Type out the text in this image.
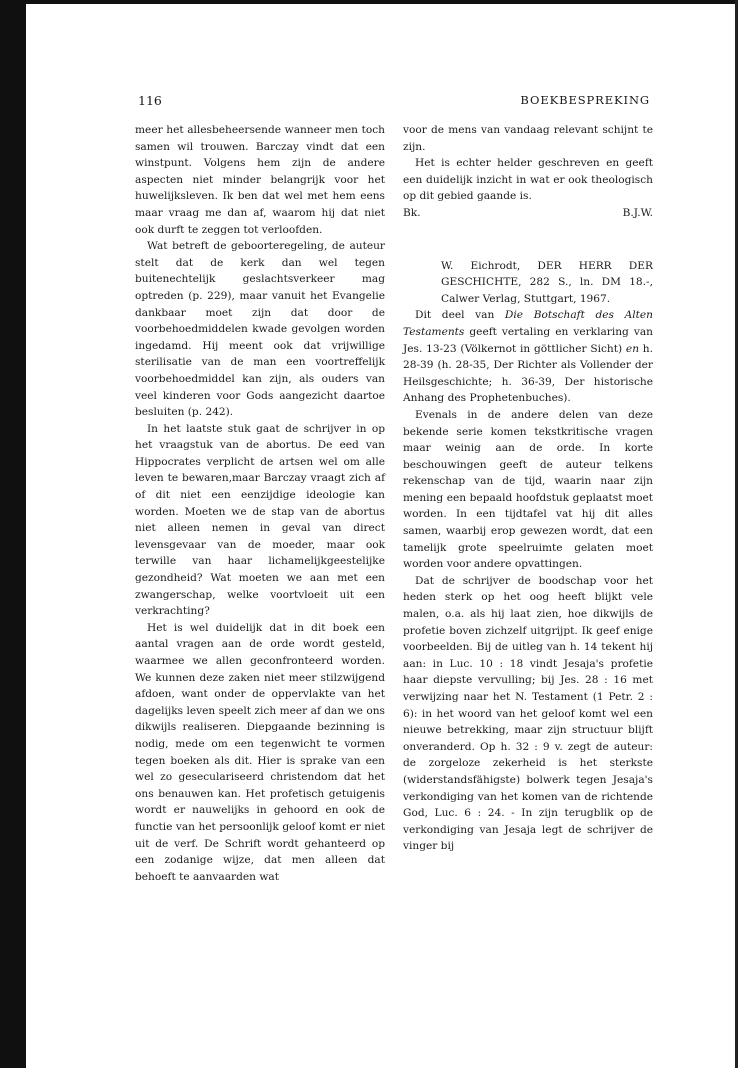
116	BOEKBESPREKING

meer het allesbeheersende wanneer men toch samen wil trouwen. Barczay vindt dat een winstpunt. Volgens hem zijn de andere aspecten niet minder belangrijk voor het huwelijksleven. Ik ben dat wel met hem eens maar vraag me dan af, waarom hij dat niet ook durft te zeggen tot verloofden.

Wat betreft de geboorteregeling, de auteur stelt dat de kerk dan wel tegen buitenechtelijk geslachtsverkeer mag optreden (p. 229), maar vanuit het Evangelie dankbaar moet zijn dat door de voorbehoedmiddelen kwade gevolgen worden ingedamd. Hij meent ook dat vrijwillige sterilisatie van de man een voortreffelijk voorbehoedmiddel kan zijn, als ouders van veel kinderen voor Gods aangezicht daartoe besluiten (p. 242).

In het laatste stuk gaat de schrijver in op het vraagstuk van de abortus. De eed van Hippocrates verplicht de artsen wel om alle leven te bewaren,maar Barczay vraagt zich af of dit niet een eenzijdige ideologie kan worden. Moeten we de stap van de abortus niet alleen nemen in geval van direct levensgevaar van de moeder, maar ook terwille van haar lichamelijkgeestelijke gezondheid? Wat moeten we aan met een zwangerschap, welke voortvloeit uit een verkrachting?

Het is wel duidelijk dat in dit boek een aantal vragen aan de orde wordt gesteld, waarmee we allen geconfronteerd worden. We kunnen deze zaken niet meer stilzwijgend afdoen, want onder de oppervlakte van het dagelijks leven speelt zich meer af dan we ons dikwijls realiseren. Diepgaande bezinning is nodig, mede om een tegenwicht te vormen tegen boeken als dit. Hier is sprake van een wel zo geseculariseerd christendom dat het ons benauwen kan. Het profetisch getuigenis wordt er nauwelijks in gehoord en ook de functie van het persoonlijk geloof komt er niet uit de verf. De Schrift wordt gehanteerd op een zodanige wijze, dat men alleen dat behoeft te aanvaarden wat

voor de mens van vandaag relevant schijnt te zijn.

Het is echter helder geschreven en geeft een duidelijk inzicht in wat er ook theologisch op dit gebied gaande is.

Bk.	B.J.W.

W. Eichrodt, DER HERR DER GESCHICHTE, 282 S., ln. DM 18.-, Calwer Verlag, Stuttgart, 1967.

Dit deel van Die Botschaft des Alten Testaments geeft vertaling en verklaring van Jes. 13-23 (Völkernot in göttlicher Sicht) en h. 28-39 (h. 28-35, Der Richter als Vollender der Heilsgeschichte; h. 36-39, Der historische Anhang des Prophetenbuches).

Evenals in de andere delen van deze bekende serie komen tekstkritische vragen maar weinig aan de orde. In korte beschouwingen geeft de auteur telkens rekenschap van de tijd, waarin naar zijn mening een bepaald hoofdstuk geplaatst moet worden. In een tijdtafel vat hij dit alles samen, waarbij erop gewezen wordt, dat een tamelijk grote speelruimte gelaten moet worden voor andere opvattingen.

Dat de schrijver de boodschap voor het heden sterk op het oog heeft blijkt vele malen, o.a. als hij laat zien, hoe dikwijls de profetie boven zichzelf uitgrijpt. Ik geef enige voorbeelden. Bij de uitleg van h. 14 tekent hij aan: in Luc. 10 : 18 vindt Jesaja's profetie haar diepste vervulling; bij Jes. 28 : 16 met verwijzing naar het N. Testament (1 Petr. 2 : 6): in het woord van het geloof komt wel een nieuwe betrekking, maar zijn structuur blijft onveranderd. Op h. 32 : 9 v. zegt de auteur: de zorgeloze zekerheid is het sterkste (widerstandsfähigste) bolwerk tegen Jesaja's verkondiging van het komen van de richtende God, Luc. 6 : 24. - In zijn terugblik op de verkondiging van Jesaja legt de schrijver de vinger bij
